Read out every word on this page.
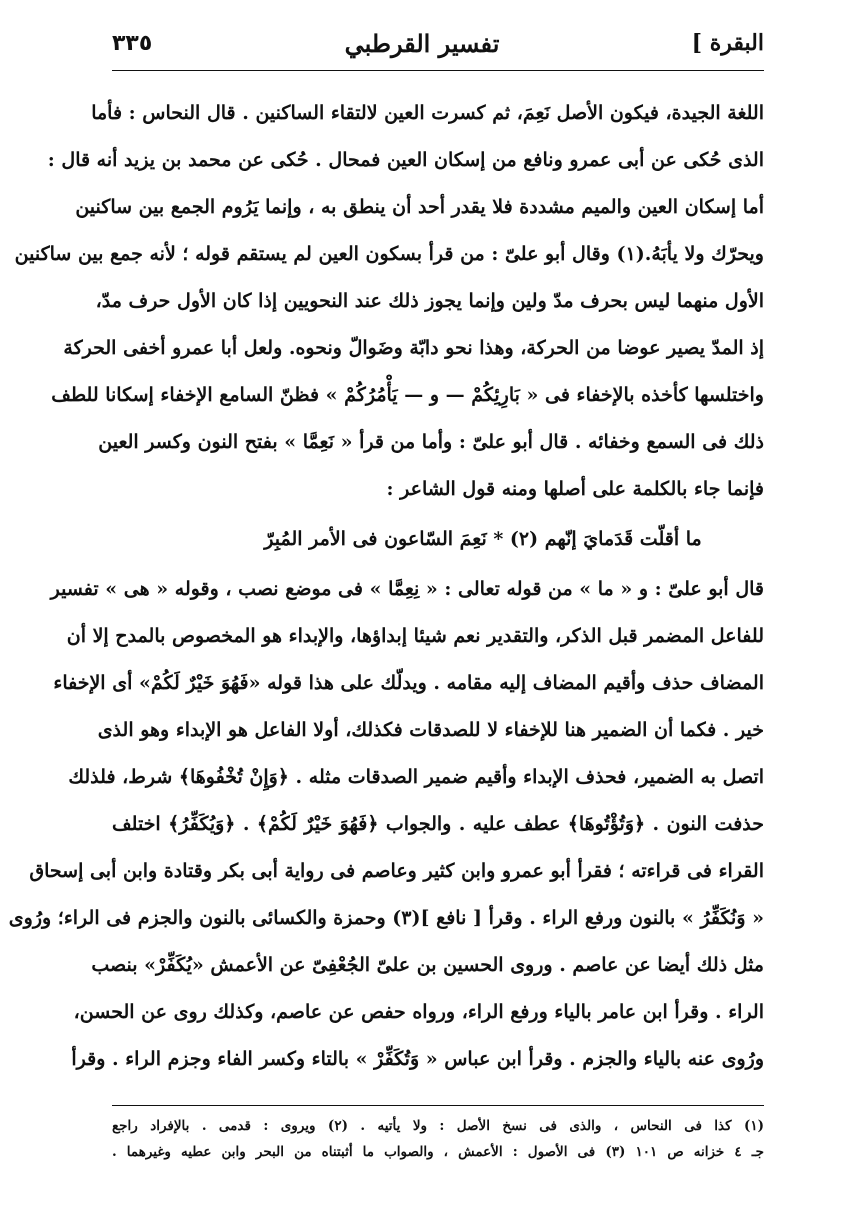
البقرة ]
تفسير القرطبي
٣٣٥
اللغة الجيدة، فيكون الأصل نَعِمَ، ثم كسرت العين لالتقاء الساكنين . قال النحاس : فأما
الذى حُكى عن أبى عمرو ونافع من إسكان العين فمحال . حُكى عن محمد بن يزيد أنه قال :
أما إسكان العين والميم مشددة فلا يقدر أحد أن ينطق به ، وإنما يَرُوم الجمع بين ساكنين
ويحرّك ولا يأبَهُ.(١) وقال أبو علىّ : من قرأ بسكون العين لم يستقم قوله ؛ لأنه جمع بين ساكنين
الأول منهما ليس بحرف مدّ ولين وإنما يجوز ذلك عند النحويين إذا كان الأول حرف مدّ،
إذ المدّ يصير عوضا من الحركة، وهذا نحو دابّة وضَوالّ ونحوه. ولعل أبا عمرو أخفى الحركة
واختلسها كأخذه بالإخفاء فى « بَارِئِكُمْ — و — يَأْمُرُكُمْ » فظنّ السامع الإخفاء إسكانا للطف
ذلك فى السمع وخفائه . قال أبو علىّ : وأما من قرأ « نَعِمَّا » بفتح النون وكسر العين
فإنما جاء بالكلمة على أصلها ومنه قول الشاعر :
ما أقلّت قَدَمايَ إنّهم (٢) * نَعِمَ السّاعون فى الأمر المُبِرّ
قال أبو علىّ : و « ما » من قوله تعالى : « نِعِمَّا » فى موضع نصب ، وقوله « هى » تفسير
للفاعل المضمر قبل الذكر، والتقدير نعم شيئا إبداؤها، والإبداء هو المخصوص بالمدح إلا أن
المضاف حذف وأقيم المضاف إليه مقامه . ويدلّك على هذا قوله «فَهُوَ خَيْرٌ لَكُمْ» أى الإخفاء
خير . فكما أن الضمير هنا للإخفاء لا للصدقات فكذلك، أولا الفاعل هو الإبداء وهو الذى
اتصل به الضمير، فحذف الإبداء وأقيم ضمير الصدقات مثله . ﴿وَإِنْ تُخْفُوهَا﴾ شرط، فلذلك
حذفت النون . ﴿وَتُؤْتُوهَا﴾ عطف عليه . والجواب ﴿فَهُوَ خَيْرٌ لَكُمْ﴾ . ﴿وَيُكَفِّرُ﴾ اختلف
القراء فى قراءته ؛ فقرأ أبو عمرو وابن كثير وعاصم فى رواية أبى بكر وقتادة وابن أبى إسحاق
« وَنُكَفِّرُ » بالنون ورفع الراء . وقرأ [ نافع ](٣) وحمزة والكسائى بالنون والجزم فى الراء؛ ورُوى
مثل ذلك أيضا عن عاصم . وروى الحسين بن علىّ الجُعْفِىّ عن الأعمش «يُكَفِّرْ» بنصب
الراء . وقرأ ابن عامر بالياء ورفع الراء، ورواه حفص عن عاصم، وكذلك روى عن الحسن،
ورُوى عنه بالياء والجزم . وقرأ ابن عباس « وَتُكَفِّرْ » بالتاء وكسر الفاء وجزم الراء . وقرأ
(١) كذا فى النحاس ، والذى فى نسخ الأصل : ولا يأتيه . (٢) ويروى : قدمى . بالإفراد راجع
جـ ٤ خزانه ص ١٠١ (٣) فى الأصول : الأعمش ، والصواب ما أثبتناه من البحر وابن عطيه وغيرهما .
